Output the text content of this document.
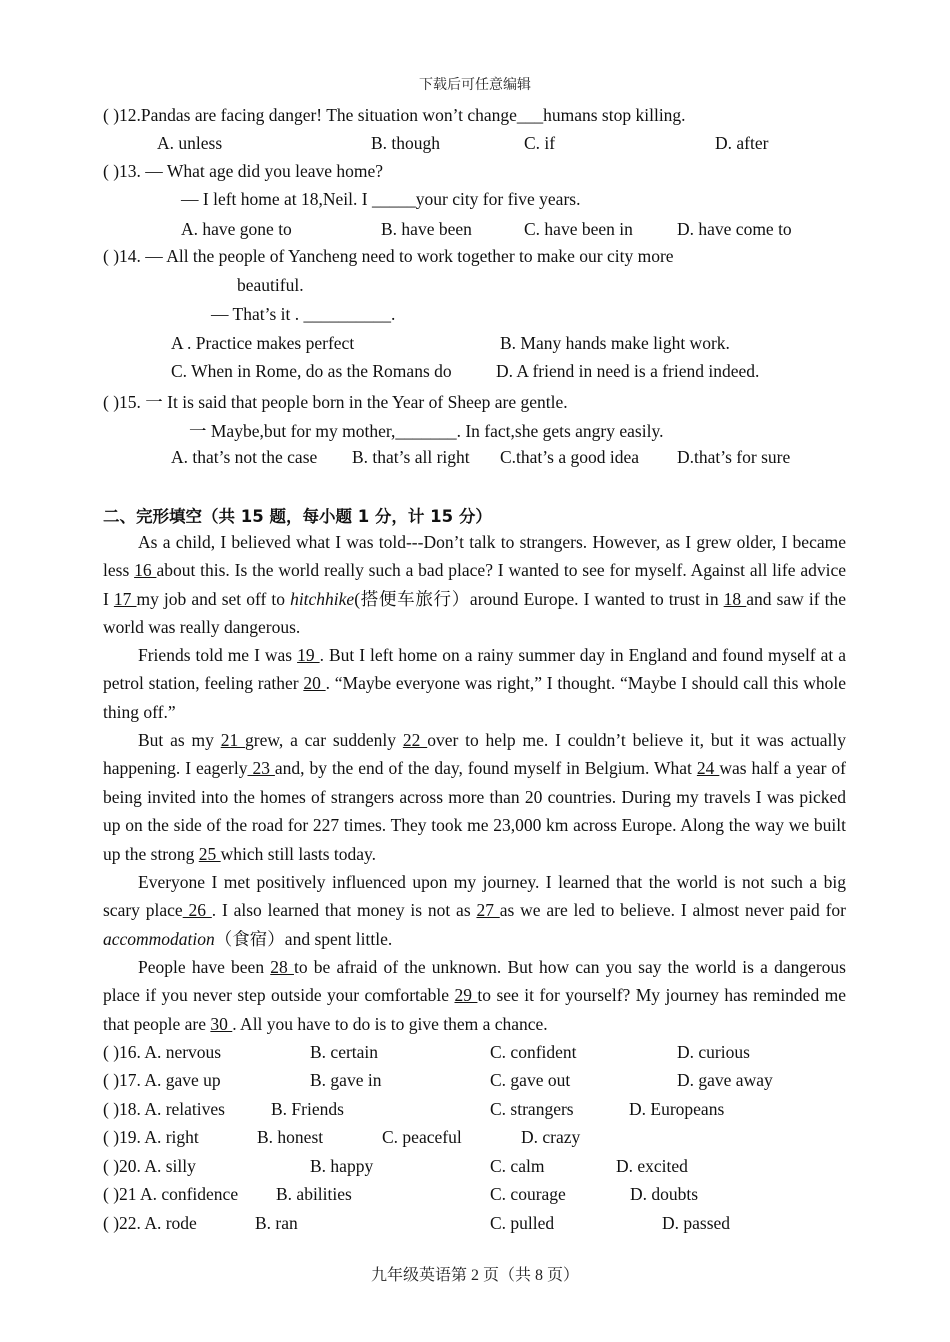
下载后可任意编辑
( )12.Pandas are facing danger! The situation won’t change___humans stop killing.
A. unless	B. though	C. if	D. after
( )13. — What age did you leave home?
— I left home at 18,Neil. I _____your city for five years.
A. have gone to	B. have been	C. have been in	D. have come to
( )14. — All the people of Yancheng need to work together to make our city more
beautiful.
— That’s it . __________.
A . Practice makes perfect	B. Many hands make light work.
C. When in Rome, do as the Romans do	D. A friend in need is a friend indeed.
( )15. 一 It is said that people born in the Year of Sheep are gentle.
一 Maybe,but for my mother,_______. In fact,she gets angry easily.
A. that’s not the case B. that’s all right C.that’s a good idea D.that’s for sure
二、完形填空（共 15 题，每小题 1 分，计 15 分）
As a child, I believed what I was told---Don’t talk to strangers. However, as I grew older, I became less 16 about this. Is the world really such a bad place? I wanted to see for myself. Against all life advice I 17 my job and set off to hitchhike(搭便车旅行）around Europe. I wanted to trust in 18 and saw if the world was really dangerous.
Friends told me I was 19 . But I left home on a rainy summer day in England and found myself at a petrol station, feeling rather 20 . “Maybe everyone was right,” I thought. “Maybe I should call this whole thing off.”
But as my 21 grew, a car suddenly 22 over to help me. I couldn’t believe it, but it was actually happening. I eagerly 23 and, by the end of the day, found myself in Belgium. What 24 was half a year of being invited into the homes of strangers across more than 20 countries. During my travels I was picked up on the side of the road for 227 times. They took me 23,000 km across Europe. Along the way we built up the strong 25 which still lasts today.
Everyone I met positively influenced upon my journey. I learned that the world is not such a big scary place 26 . I also learned that money is not as 27 as we are led to believe. I almost never paid for accommodation（食宿）and spent little.
People have been 28 to be afraid of the unknown. But how can you say the world is a dangerous place if you never step outside your comfortable 29 to see it for yourself? My journey has reminded me that people are 30 . All you have to do is to give them a chance.
( )16. A. nervous	B. certain	C. confident	D. curious
( )17. A. gave up	B. gave in	C. gave out	D. gave away
( )18. A. relatives	B. Friends	C. strangers	D. Europeans
( )19. A. right	B. honest	C. peaceful	D. crazy
( )20. A. silly	B. happy	C. calm	D. excited
( )21 A. confidence B. abilities	C. courage	D. doubts
( )22. A. rode	B. ran	C. pulled	D. passed
九年级英语第 2 页（共 8 页）
